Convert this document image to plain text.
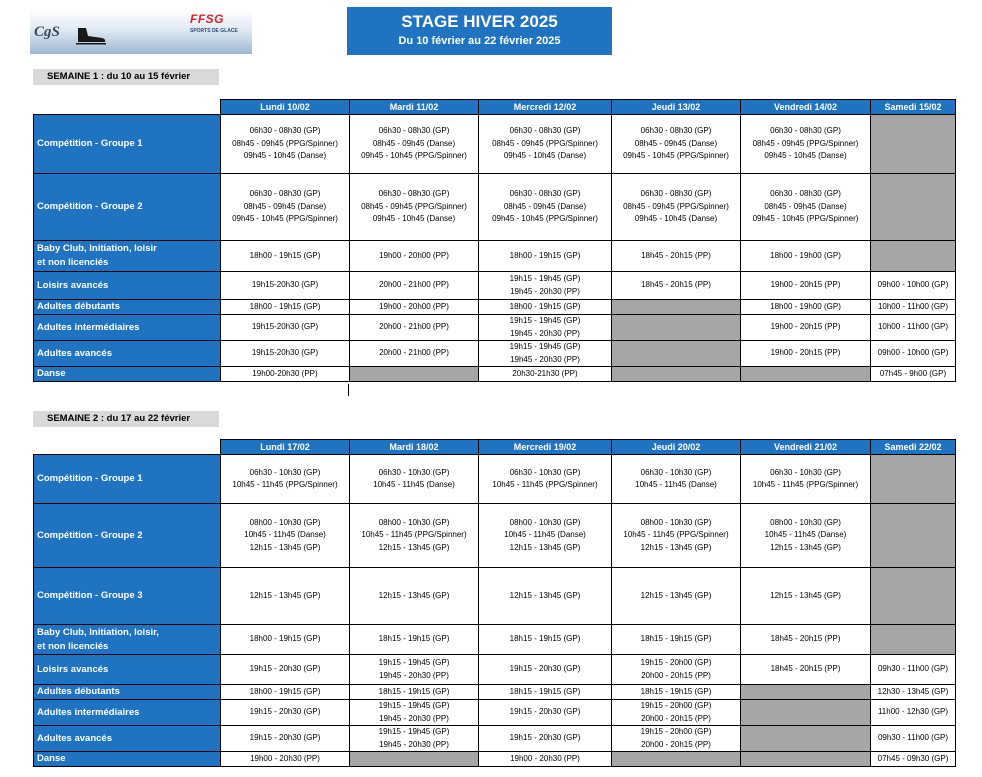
CgS
FFSG
SPORTS DE GLACE	STAGE HIVER 2025
Du 10 février au 22 février 2025
SEMAINE 1 : du 10 au 15 février
	Lundi 10/02	Mardi 11/02	Mercredi 12/02	Jeudi 13/02	Vendredi 14/02	Samedi 15/02

Compétition - Groupe 1	06h30 - 08h30 (GP)
08h45 - 09h45 (PPG/Spinner)
09h45 - 10h45 (Danse)	06h30 - 08h30 (GP)
08h45 - 09h45 (Danse)
09h45 - 10h45 (PPG/Spinner)	06h30 - 08h30 (GP)
08h45 - 09h45 (PPG/Spinner)
09h45 - 10h45 (Danse)	06h30 - 08h30 (GP)
08h45 - 09h45 (Danse)
09h45 - 10h45 (PPG/Spinner)	06h30 - 08h30 (GP)
08h45 - 09h45 (PPG/Spinner)
09h45 - 10h45 (Danse)	

Compétition - Groupe 2	06h30 - 08h30 (GP)
08h45 - 09h45 (Danse)
09h45 - 10h45 (PPG/Spinner)	06h30 - 08h30 (GP)
08h45 - 09h45 (PPG/Spinner)
09h45 - 10h45 (Danse)	06h30 - 08h30 (GP)
08h45 - 09h45 (Danse)
09h45 - 10h45 (PPG/Spinner)	06h30 - 08h30 (GP)
08h45 - 09h45 (PPG/Spinner)
09h45 - 10h45 (Danse)	06h30 - 08h30 (GP)
08h45 - 09h45 (Danse)
09h45 - 10h45 (PPG/Spinner)	

Baby Club, Initiation, loisir
et non licenciés	18h00 - 19h15 (GP)	19h00 - 20h00 (PP)	18h00 - 19h15 (GP)	18h45 - 20h15 (PP)	18h00 - 19h00 (GP)	

Loisirs avancés	19h15-20h30 (GP)	20h00 - 21h00 (PP)	19h15 - 19h45 (GP)
19h45 - 20h30 (PP)	18h45 - 20h15 (PP)	19h00 - 20h15 (PP)	09h00 - 10h00 (GP)

Adultes débutants	18h00 - 19h15 (GP)	19h00 - 20h00 (PP)	18h00 - 19h15 (GP)		18h00 - 19h00 (GP)	10h00 - 11h00 (GP)

Adultes intermédiaires	19h15-20h30 (GP)	20h00 - 21h00 (PP)	19h15 - 19h45 (GP)
19h45 - 20h30 (PP)		19h00 - 20h15 (PP)	10h00 - 11h00 (GP)

Adultes avancés	19h15-20h30 (GP)	20h00 - 21h00 (PP)	19h15 - 19h45 (GP)
19h45 - 20h30 (PP)		19h00 - 20h15 (PP)	09h00 - 10h00 (GP)

Danse	19h00-20h30 (PP)		20h30-21h30 (PP)			07h45 - 9h00 (GP)
SEMAINE 2 : du 17 au 22 février
	Lundi 17/02	Mardi 18/02	Mercredi 19/02	Jeudi 20/02	Vendredi 21/02	Samedi 22/02

Compétition - Groupe 1	06h30 - 10h30 (GP)
10h45 - 11h45 (PPG/Spinner)	06h30 - 10h30 (GP)
10h45 - 11h45 (Danse)	06h30 - 10h30 (GP)
10h45 - 11h45 (PPG/Spinner)	06h30 - 10h30 (GP)
10h45 - 11h45 (Danse)	06h30 - 10h30 (GP)
10h45 - 11h45 (PPG/Spinner)	

Compétition - Groupe 2	08h00 - 10h30 (GP)
10h45 - 11h45 (Danse)
12h15 - 13h45 (GP)	08h00 - 10h30 (GP)
10h45 - 11h45 (PPG/Spinner)
12h15 - 13h45 (GP)	08h00 - 10h30 (GP)
10h45 - 11h45 (Danse)
12h15 - 13h45 (GP)	08h00 - 10h30 (GP)
10h45 - 11h45 (PPG/Spinner)
12h15 - 13h45 (GP)	08h00 - 10h30 (GP)
10h45 - 11h45 (Danse)
12h15 - 13h45 (GP)	

Compétition - Groupe 3	12h15 - 13h45 (GP)	12h15 - 13h45 (GP)	12h15 - 13h45 (GP)	12h15 - 13h45 (GP)	12h15 - 13h45 (GP)	

Baby Club, Initiation, loisir,
et non licenciés	18h00 - 19h15 (GP)	18h15 - 19h15 (GP)	18h15 - 19h15 (GP)	18h15 - 19h15 (GP)	18h45 - 20h15 (PP)	

Loisirs avancés	19h15 - 20h30 (GP)	19h15 - 19h45 (GP)
19h45 - 20h30 (PP)	19h15 - 20h30 (GP)	19h15 - 20h00 (GP)
20h00 - 20h15 (PP)	18h45 - 20h15 (PP)	09h30 - 11h00 (GP)

Adultes débutants	18h00 - 19h15 (GP)	18h15 - 19h15 (GP)	18h15 - 19h15 (GP)	18h15 - 19h15 (GP)		12h30 - 13h45 (GP)

Adultes intermédiaires	19h15 - 20h30 (GP)	19h15 - 19h45 (GP)
19h45 - 20h30 (PP)	19h15 - 20h30 (GP)	19h15 - 20h00 (GP)
20h00 - 20h15 (PP)		11h00 - 12h30 (GP)

Adultes avancés	19h15 - 20h30 (GP)	19h15 - 19h45 (GP)
19h45 - 20h30 (PP)	19h15 - 20h30 (GP)	19h15 - 20h00 (GP)
20h00 - 20h15 (PP)		09h30 - 11h00 (GP)

Danse	19h00 - 20h30 (PP)		19h00 - 20h30 (PP)			07h45 - 09h30 (GP)
